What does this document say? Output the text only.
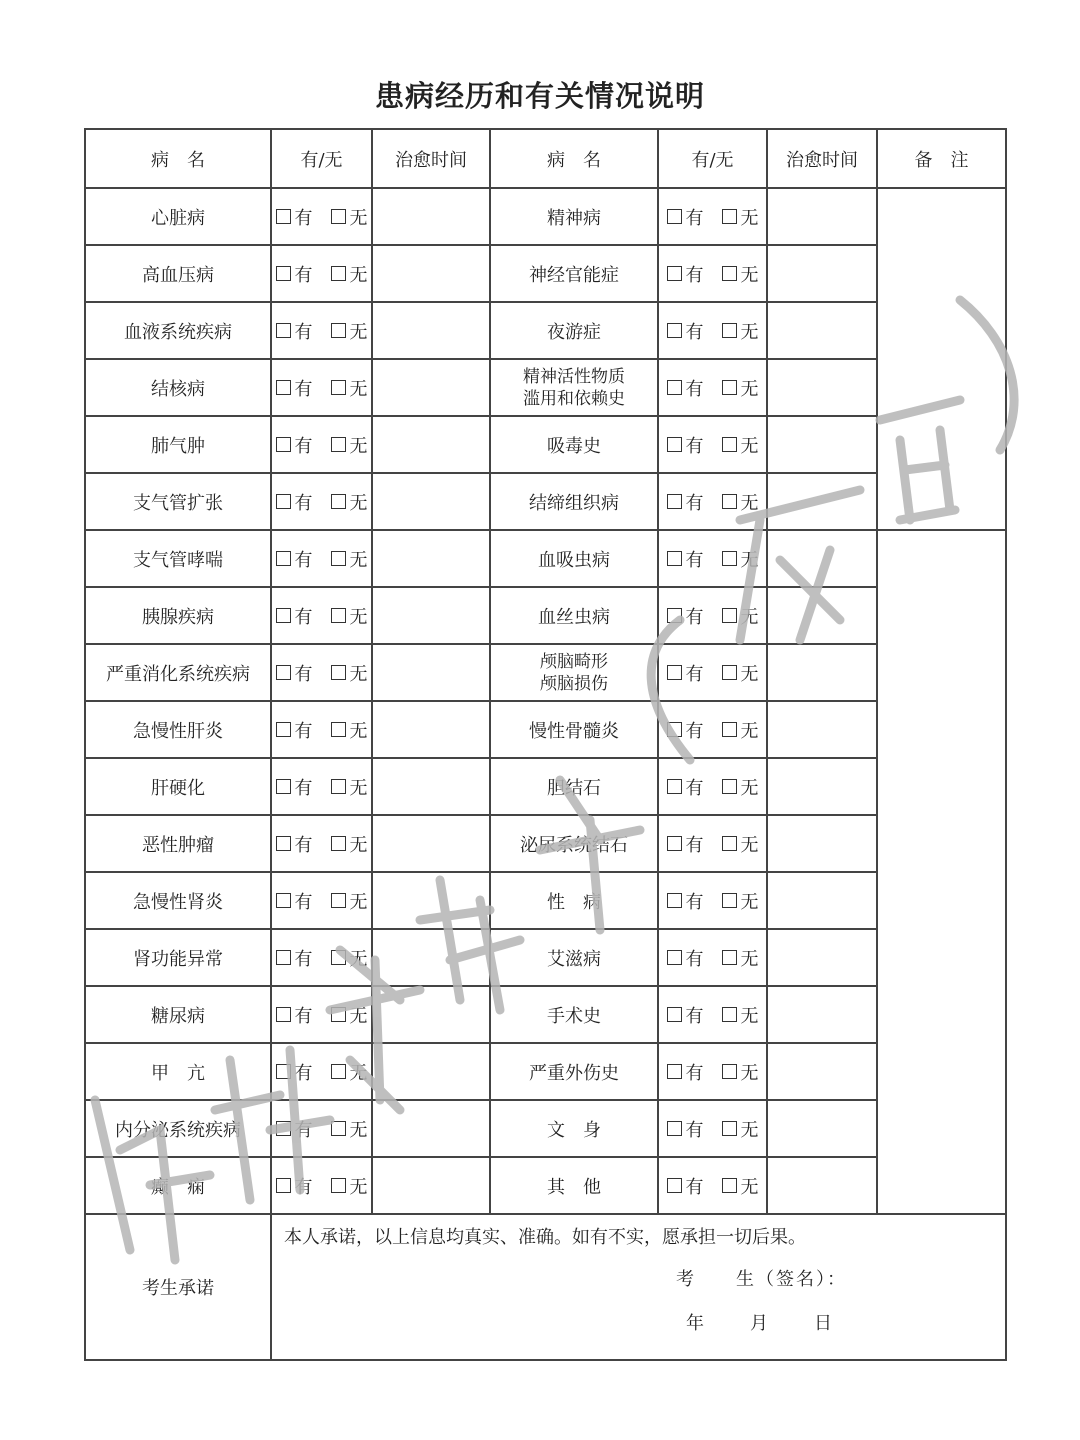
患病经历和有关情况说明
病　名	有/无	治愈时间	病　名	有/无	治愈时间	备　注
心脏病	有 无		精神病	有 无		

高血压病	有 无		神经官能症	有 无		

血液系统疾病	有 无		夜游症	有 无		

结核病	有 无		精神活性物质
滥用和依赖史	有 无		

肺气肿	有 无		吸毒史	有 无		

支气管扩张	有 无		结缔组织病	有 无		

支气管哮喘	有 无		血吸虫病	有 无		

胰腺疾病	有 无		血丝虫病	有 无		

严重消化系统疾病	有 无		颅脑畸形
颅脑损伤	有 无		

急慢性肝炎	有 无		慢性骨髓炎	有 无		

肝硬化	有 无		胆结石	有 无		

恶性肿瘤	有 无		泌尿系统结石	有 无		

急慢性肾炎	有 无		性　病	有 无		

肾功能异常	有 无		艾滋病	有 无		

糖尿病	有 无		手术史	有 无		

甲　亢	有 无		严重外伤史	有 无		

内分泌系统疾病	有 无		文　身	有 无		

癫　痫	有 无		其　他	有 无		

考生承诺	本人承诺，以上信息均真实、准确。如有不实，愿承担一切后果。
考　　生（签名）：
年 月 日					
